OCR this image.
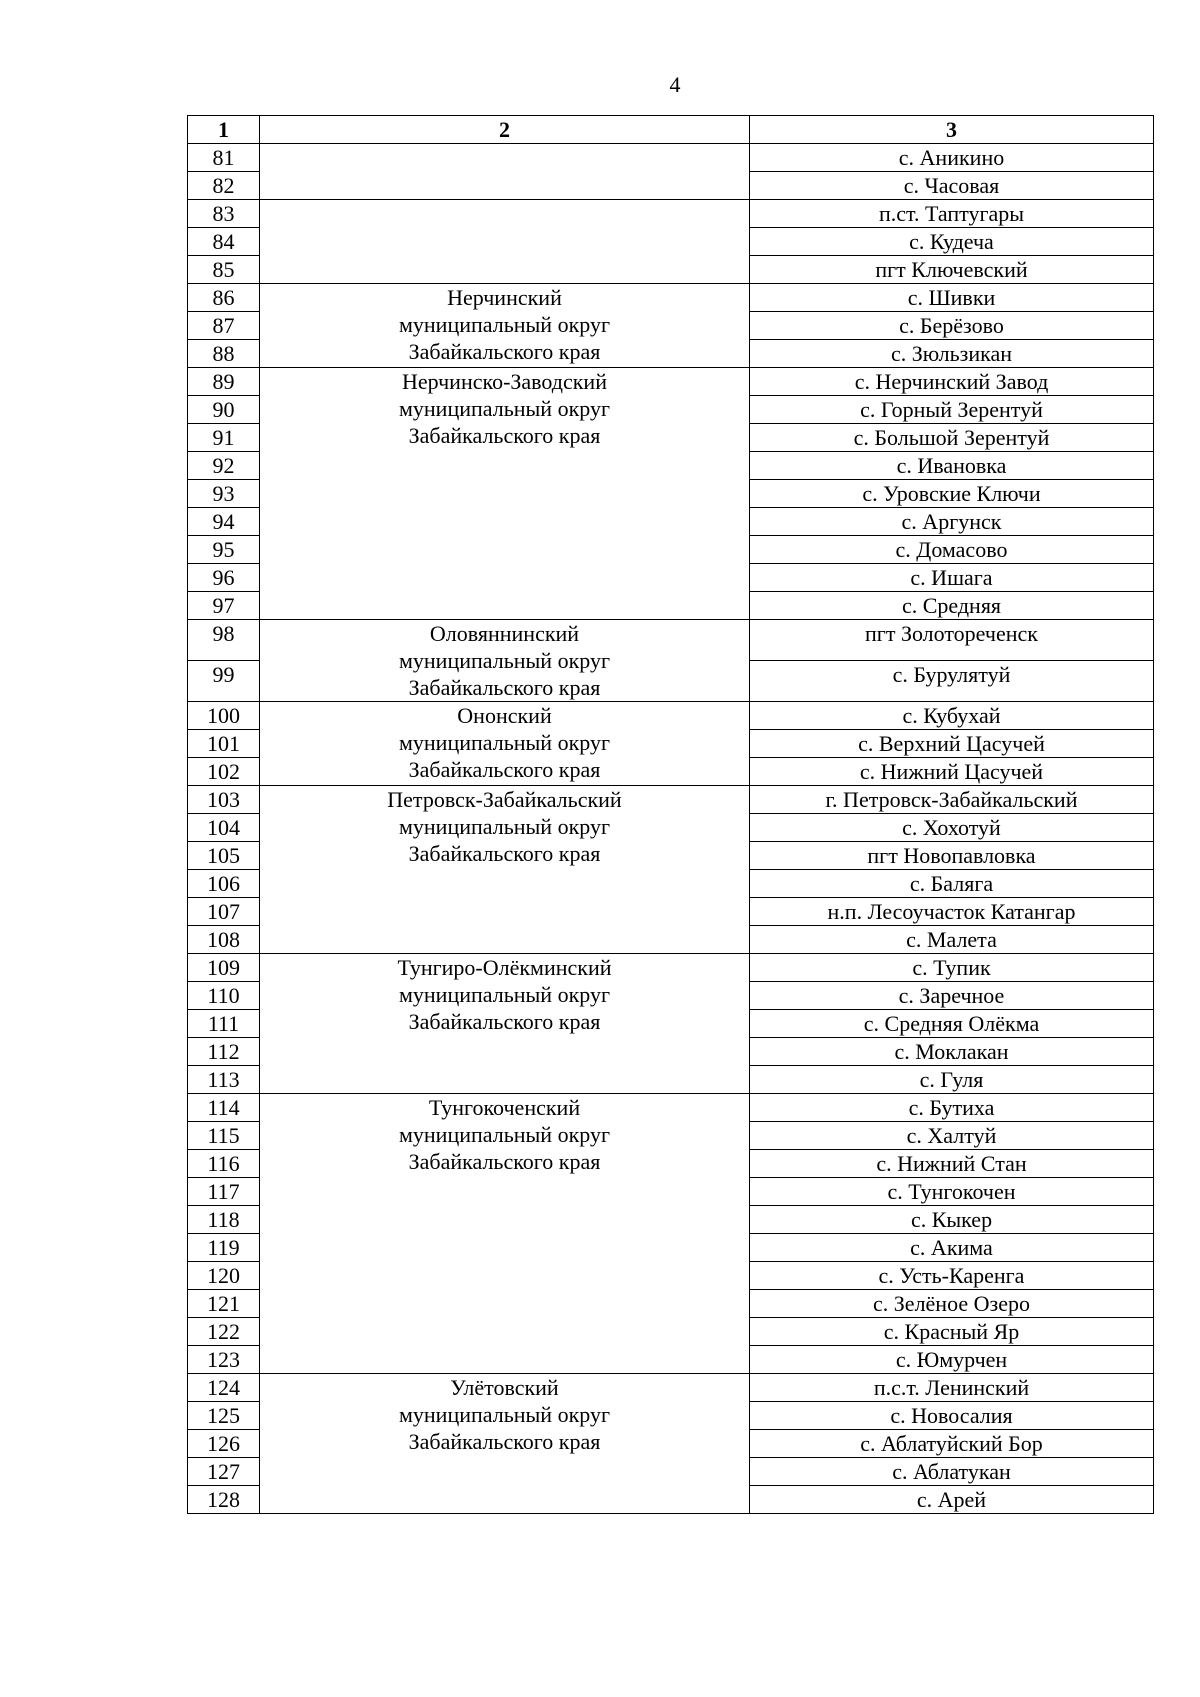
4
1	2	3
81		с. Аникино
82		с. Часовая
83		п.ст. Таптугары
84		с. Кудеча
85		пгт Ключевский
86	Нерчинский
муниципальный округ
Забайкальского края	с. Шивки
87		с. Берёзово
88		с. Зюльзикан
89	Нерчинско-Заводский
муниципальный округ
Забайкальского края	с. Нерчинский Завод
90		с. Горный Зерентуй
91		с. Большой Зерентуй
92		с. Ивановка
93		с. Уровские Ключи
94		с. Аргунск
95		с. Домасово
96		с. Ишага
97		с. Средняя
98	Оловяннинский
муниципальный округ
Забайкальского края	пгт Золотореченск
99		с. Бурулятуй
100	Ононский
муниципальный округ
Забайкальского края	с. Кубухай
101		с. Верхний Цасучей
102		с. Нижний Цасучей
103	Петровск-Забайкальский
муниципальный округ
Забайкальского края	г. Петровск-Забайкальский
104		с. Хохотуй
105		пгт Новопавловка
106		с. Баляга
107		н.п. Лесоучасток Катангар
108		с. Малета
109	Тунгиро-Олёкминский
муниципальный округ
Забайкальского края	с. Тупик
110		с. Заречное
111		с. Средняя Олёкма
112		с. Моклакан
113		с. Гуля
114	Тунгокоченский
муниципальный округ
Забайкальского края	с. Бутиха
115		с. Халтуй
116		с. Нижний Стан
117		с. Тунгокочен
118		с. Кыкер
119		с. Акима
120		с. Усть-Каренга
121		с. Зелёное Озеро
122		с. Красный Яр
123		с. Юмурчен
124	Улётовский
муниципальный округ
Забайкальского края	п.с.т. Ленинский
125		с. Новосалия
126		с. Аблатуйский Бор
127		с. Аблатукан
128		с. Арей
